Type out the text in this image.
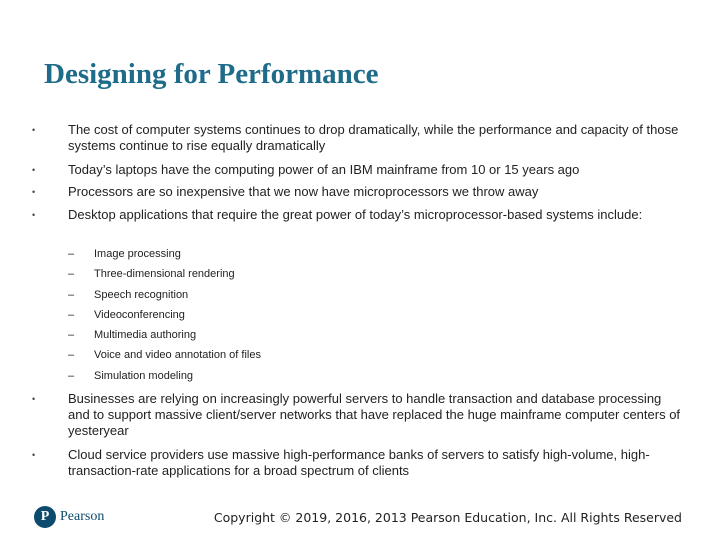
Designing for Performance
•	The cost of computer systems continues to drop dramatically, while the performance and capacity of those systems continue to rise equally dramatically
•	Today’s laptops have the computing power of an IBM mainframe from 10 or 15 years ago
•	Processors are so inexpensive that we now have microprocessors we throw away
•	Desktop applications that require the great power of today’s microprocessor-based systems include:
–	Image processing
–	Three-dimensional rendering
–	Speech recognition
–	Videoconferencing
–	Multimedia authoring
–	Voice and video annotation of files
–	Simulation modeling
•	Businesses are relying on increasingly powerful servers to handle transaction and database processing and to support massive client/server networks that have replaced the huge mainframe computer centers of yesteryear
•	Cloud service providers use massive high-performance banks of servers to satisfy high-volume, high-transaction-rate applications for a broad spectrum of clients
P Pearson	Copyright © 2019, 2016, 2013 Pearson Education, Inc. All Rights Reserved
